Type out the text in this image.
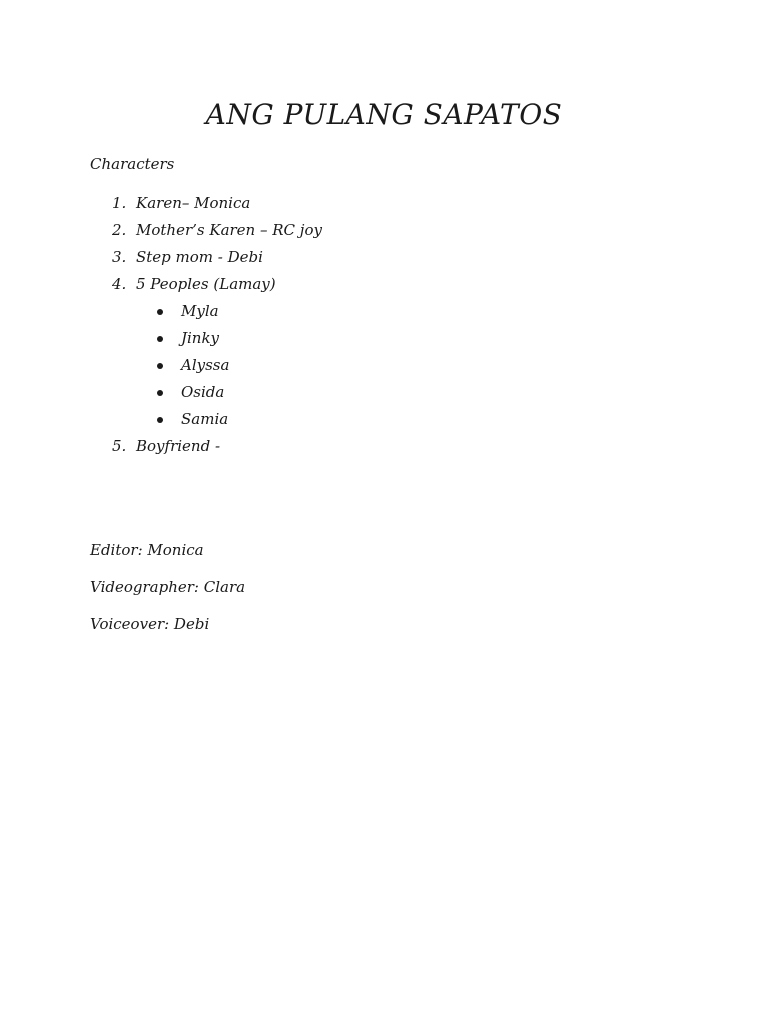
ANG PULANG SAPATOS

Characters

1. Karen– Monica
2. Mother’s Karen – RC joy
3. Step mom - Debi
4. 5 Peoples (Lamay)
Myla
Jinky
Alyssa
Osida
Samia
5. Boyfriend -
Editor: Monica
Videographer: Clara
Voiceover: Debi
